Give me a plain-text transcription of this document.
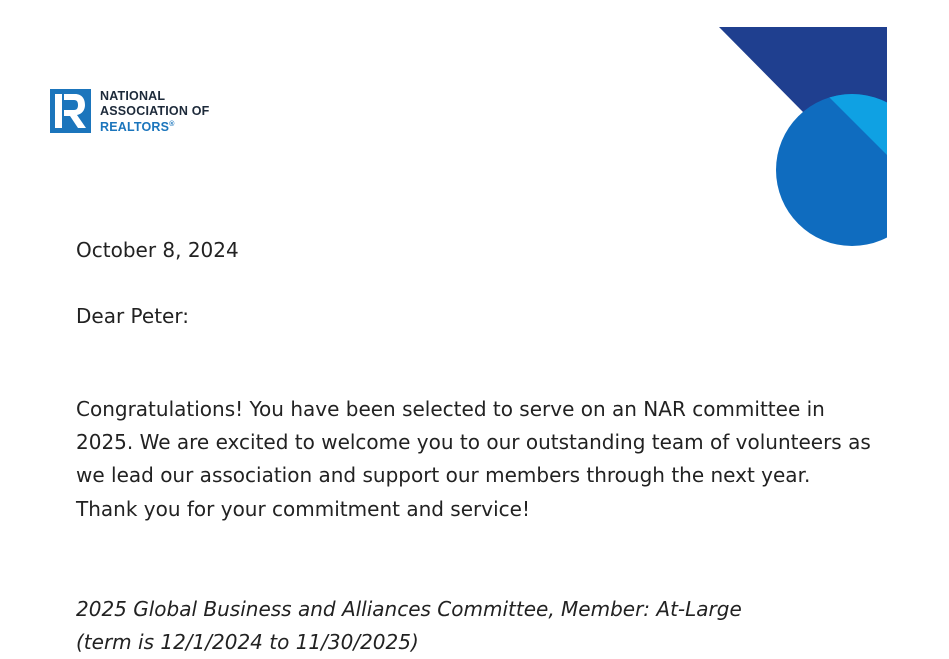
NATIONAL
ASSOCIATION OF
REALTORS®

October 8, 2024

Dear Peter:

Congratulations! You have been selected to serve on an NAR committee in 2025. We are excited to welcome you to our outstanding team of volunteers as we lead our association and support our members through the next year. Thank you for your commitment and service!

2025 Global Business and Alliances Committee, Member: At-Large
(term is 12/1/2024 to 11/30/2025)
